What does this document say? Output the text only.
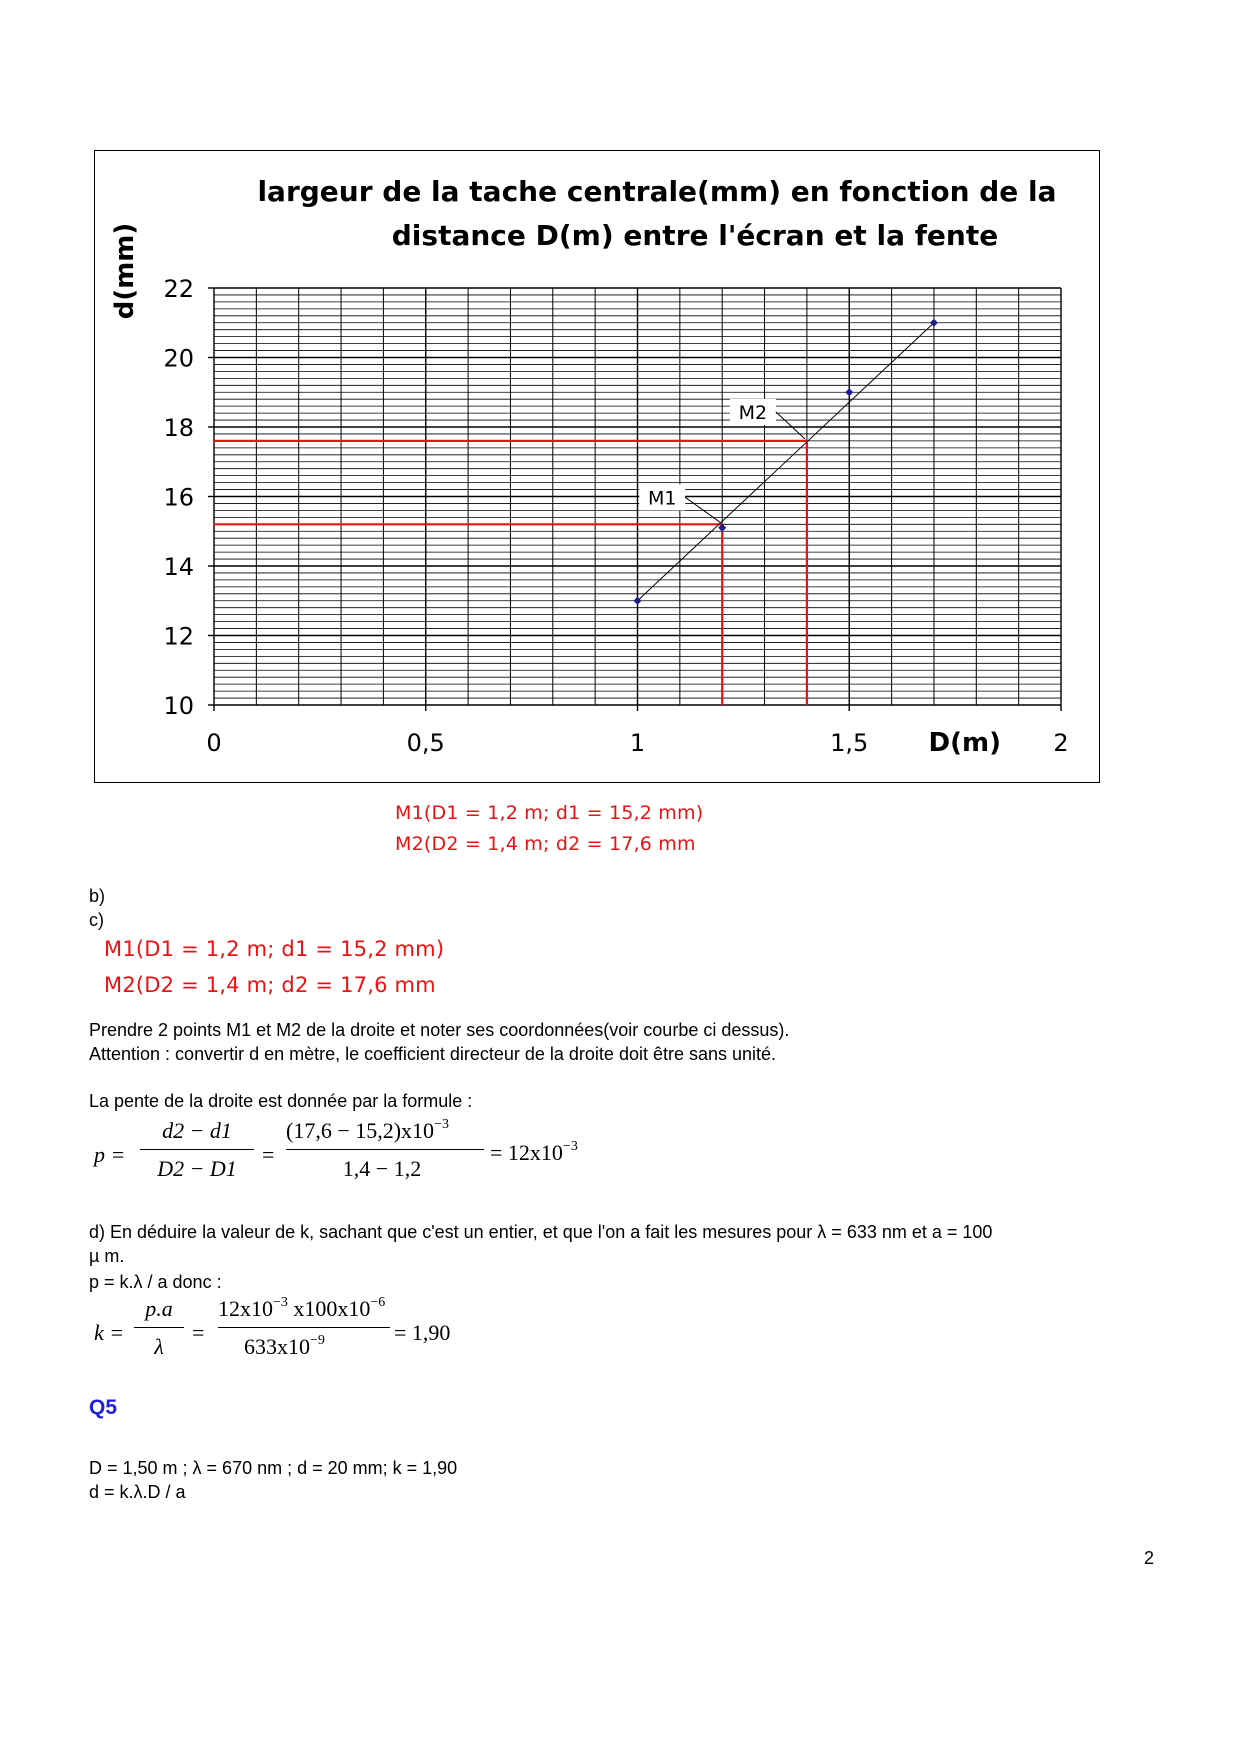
0	0,5	1	1,5	2
22
20
18
16
14
12
10
largeur de la tache centrale(mm) en fonction de la
distance D(m) entre l'écran et la fente
d(mm)
D(m)
M1
M2
M1(D1 = 1,2 m; d1 = 15,2 mm)
M2(D2 = 1,4 m; d2 = 17,6 mm
b)
c)
M1(D1 = 1,2 m; d1 = 15,2 mm)
M2(D2 = 1,4 m; d2 = 17,6 mm
Prendre 2 points M1 et M2 de la droite et noter ses coordonnées(voir courbe ci dessus).
Attention : convertir d en mètre, le coefficient directeur de la droite doit être sans unité.
La pente de la droite est donnée par la formule :
p =
d2 − d1
D2 − D1
=
$(17,6 - 15,2)x10^{-3}$
1,4 − 1,2
= $12x10^{-3}$
d) En déduire la valeur de k, sachant que c'est un entier, et que l'on a fait les mesures pour λ = 633 nm et a = 100
µ m.
p = k.λ / a donc :
k =
p.a
λ
=
$12x10^{-3}$ $x100x10^{-6}$
$633x10^{-9}$	= 1,90
Q5
D = 1,50 m ; λ = 670 nm ; d = 20 mm; k = 1,90
d = k.λ.D / a
2
